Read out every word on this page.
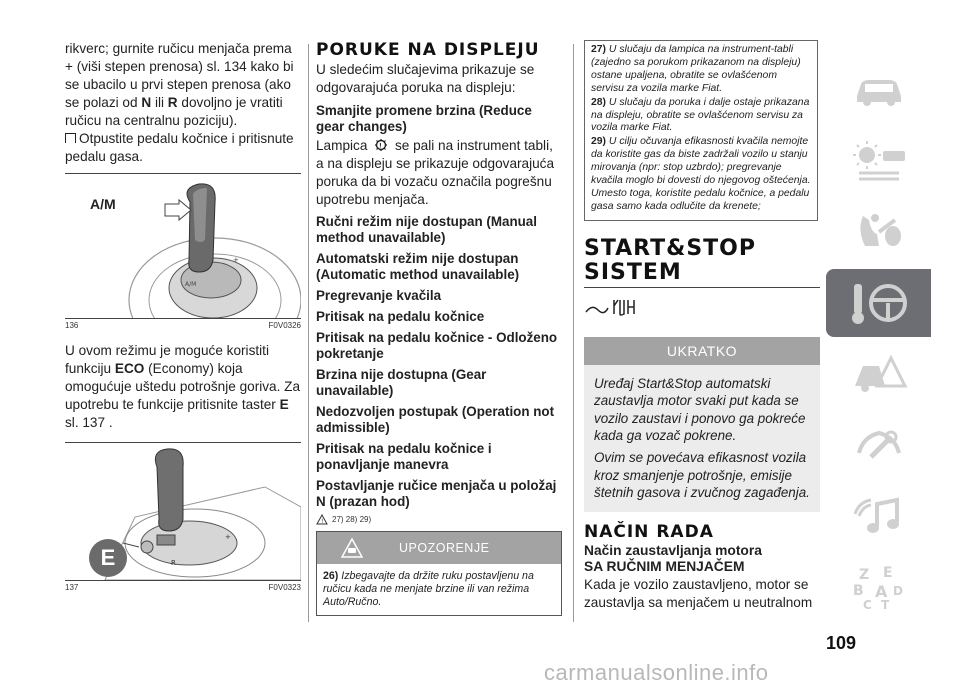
rikverc; gurnite ručicu menjača prema + (viši stepen prenosa) sl. 134 kako bi se ubacilo u prvi stepen prenosa (ako se polazi od N ili R dovoljno je vratiti ručicu na centralnu poziciju).
Otpustite pedalu kočnice i pritisnute pedalu gasa.
+
A/M
A/M
136	F0V0326
U ovom režimu je moguće koristiti funkciju ECO (Economy) koja omogućuje uštedu potrošnje goriva. Za upotrebu te funkcije pritisnite taster E
sl. 137 .
R
+
E
137	F0V0323
PORUKE NA DISPLEJU
U sledećim slučajevima prikazuje se odgovarajuća poruka na displeju:
Smanjite promene brzina (Reduce gear changes)
Lampica ! se pali na instrument tabli, a na displeju se prikazuje odgovarajuća poruka da bi vozaču označila pogrešnu upotrebu menjača.
Ručni režim nije dostupan (Manual method unavailable)
Automatski režim nije dostupan (Automatic method unavailable)
Pregrevanje kvačila
Pritisak na pedalu kočnice
Pritisak na pedalu kočnice - Odloženo pokretanje
Brzina nije dostupna (Gear unavailable)
Nedozvoljen postupak (Operation not admissible)
Pritisak na pedalu kočnice i ponavljanje manevra
Postavljanje ručice menjača u položaj N (prazan hod)
! 27) 28) 29)
UPOZORENJE
26) Izbegavajte da držite ruku postavljenu na ručicu kada ne menjate brzine ili van režima Auto/Ručno.

27) U slučaju da lampica na instrument-tabli (zajedno sa porukom prikazanom na displeju) ostane upaljena, obratite se ovlašćenom servisu za vozila marke Fiat.

28) U slučaju da poruka i dalje ostaje prikazana na displeju, obratite se ovlašćenom servisu za vozila marke Fiat.

29) U cilju očuvanja efikasnosti kvačila nemojte da koristite gas da biste zadržali vozilo u stanju mirovanja (npr: stop uzbrdo); pregrevanje kvačila moglo bi dovesti do njegovog oštećenja. Umesto toga, koristite pedalu kočnice, a pedalu gasa samo kada odlučite da krenete;

START&STOP
SISTEM
UKRATKO

Uređaj Start&Stop automatski zaustavlja motor svaki put kada se vozilo zaustavi i ponovo ga pokreće kada ga vozač pokrene.

Ovim se povećava efikasnost vozila kroz smanjenje potrošnje, emisije štetnih gasova i zvučnog zagađenja.

NAČIN RADA
Način zaustavljanja motora
SA RUČNIM MENJAČEM
Kada je vozilo zaustavljeno, motor se zaustavlja sa menjačem u neutralnom
Z E
B A D
C T
109
carmanualsonline.info
